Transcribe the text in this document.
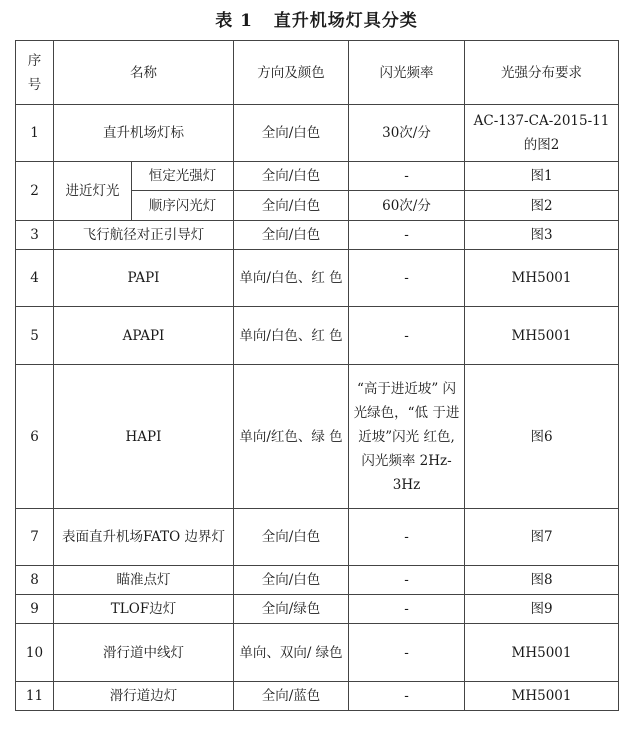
表 1 直升机场灯具分类
序 号	名称		方向及颜色	闪光频率	光强分布要求
1	直升机场灯标		全向/白色	30次/分	AC-137-CA-2015-11 的图2
2	进近灯光	恒定光强灯	全向/白色	-	图1
		顺序闪光灯	全向/白色	60次/分	图2
3	飞行航径对正引导灯		全向/白色	-	图3
4	PAPI		单向/白色、红 色	-	MH5001
5	APAPI		单向/白色、红 色	-	MH5001
6	HAPI		单向/红色、绿 色	“高于进近坡” 闪光绿色，“低 于进近坡”闪光 红色,闪光频率 2Hz-3Hz	图6
7	表面直升机场FATO 边界灯		全向/白色	-	图7
8	瞄准点灯		全向/白色	-	图8
9	TLOF边灯		全向/绿色	-	图9
10	滑行道中线灯		单向、双向/ 绿色	-	MH5001
11	滑行道边灯		全向/蓝色	-	MH5001
